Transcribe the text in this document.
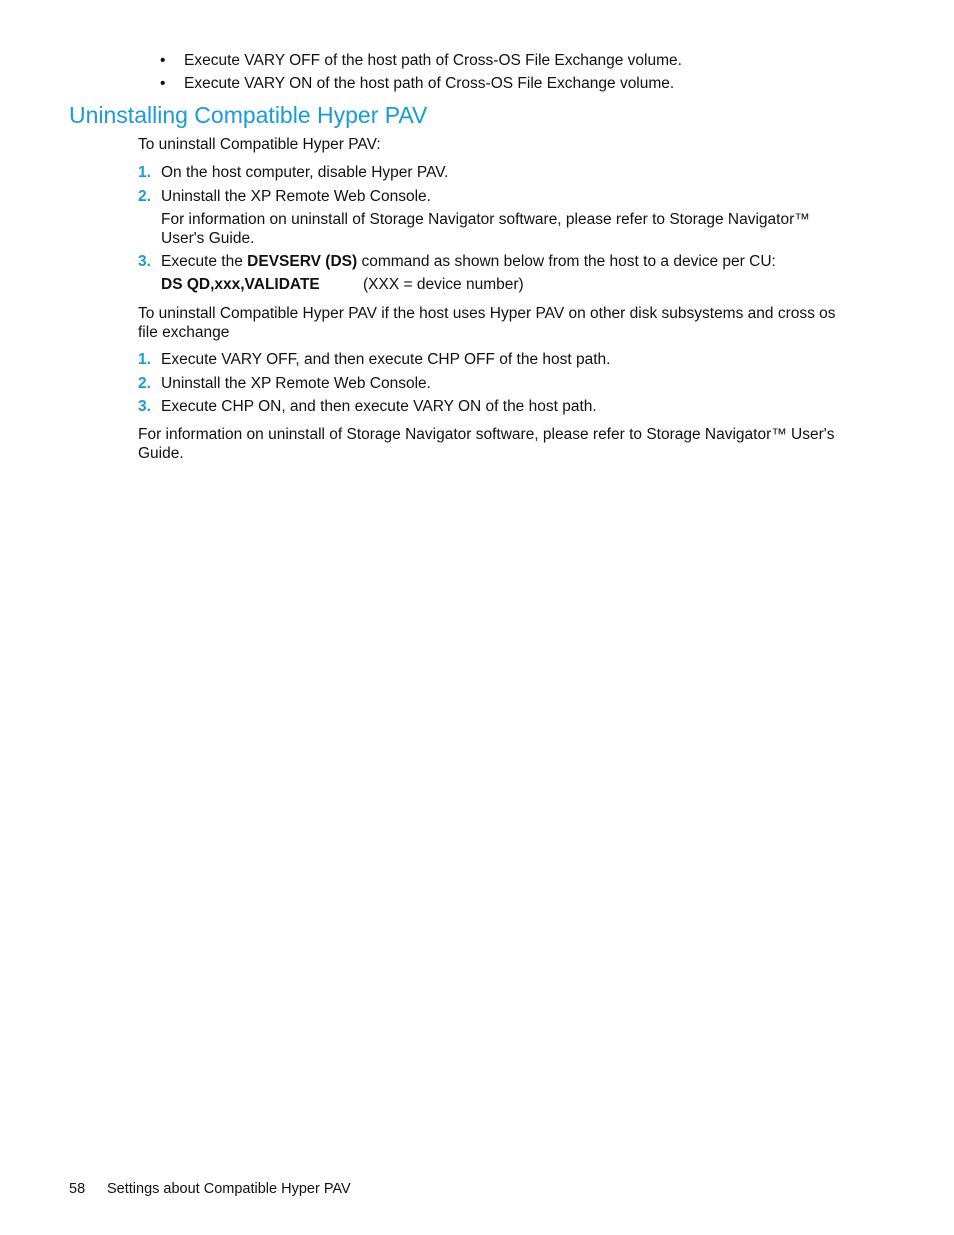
• Execute VARY OFF of the host path of Cross-OS File Exchange volume.
• Execute VARY ON of the host path of Cross-OS File Exchange volume.
Uninstalling Compatible Hyper PAV
To uninstall Compatible Hyper PAV:
1. On the host computer, disable Hyper PAV.
2. Uninstall the XP Remote Web Console.
For information on uninstall of Storage Navigator software, please refer to Storage Navigator™ User's Guide.
3. Execute the DEVSERV (DS) command as shown below from the host to a device per CU:
DS QD,xxx,VALIDATE	(XXX = device number)
To uninstall Compatible Hyper PAV if the host uses Hyper PAV on other disk subsystems and cross os file exchange
1. Execute VARY OFF, and then execute CHP OFF of the host path.
2. Uninstall the XP Remote Web Console.
3. Execute CHP ON, and then execute VARY ON of the host path.
For information on uninstall of Storage Navigator software, please refer to Storage Navigator™ User's Guide.
58 Settings about Compatible Hyper PAV
